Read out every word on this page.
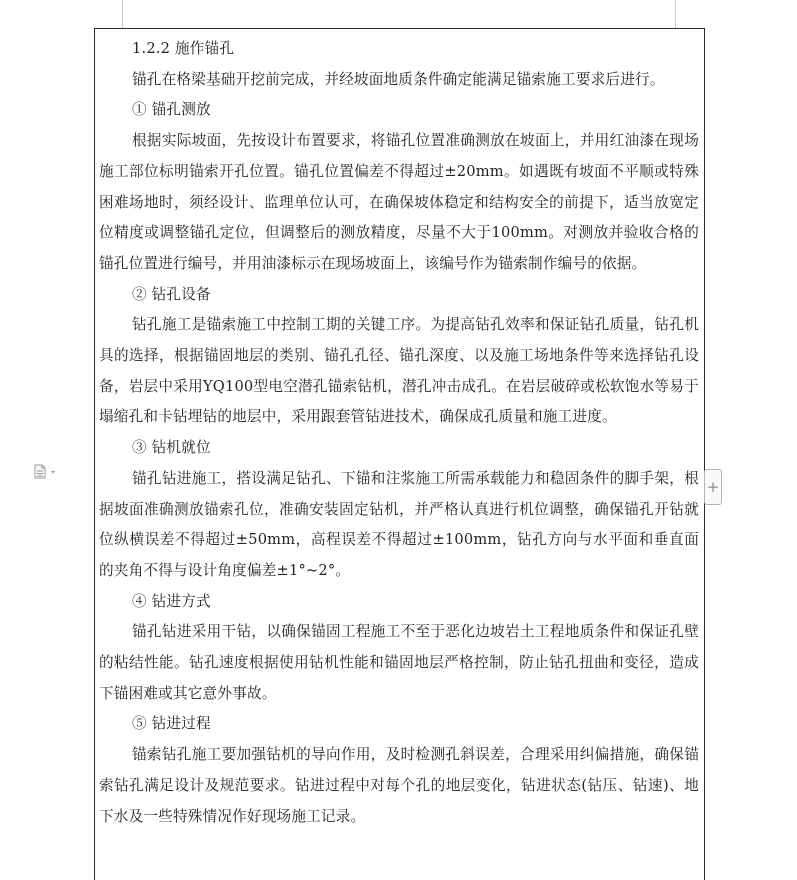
1.2.2 施作锚孔

锚孔在格梁基础开挖前完成，并经坡面地质条件确定能满足锚索施工要求后进行。

① 锚孔测放

根据实际坡面，先按设计布置要求，将锚孔位置准确测放在坡面上，并用红油漆在现场施工部位标明锚索开孔位置。锚孔位置偏差不得超过±20mm。如遇既有坡面不平顺或特殊困难场地时，须经设计、监理单位认可，在确保坡体稳定和结构安全的前提下，适当放宽定位精度或调整锚孔定位，但调整后的测放精度，尽量不大于100mm。对测放并验收合格的锚孔位置进行编号，并用油漆标示在现场坡面上，该编号作为锚索制作编号的依据。

② 钻孔设备

钻孔施工是锚索施工中控制工期的关键工序。为提高钻孔效率和保证钻孔质量，钻孔机具的选择，根据锚固地层的类别、锚孔孔径、锚孔深度、以及施工场地条件等来选择钻孔设备，岩层中采用YQ100型电空潜孔锚索钻机，潜孔冲击成孔。在岩层破碎或松软饱水等易于塌缩孔和卡钻埋钻的地层中，采用跟套管钻进技术，确保成孔质量和施工进度。

③ 钻机就位

锚孔钻进施工，搭设满足钻孔、下锚和注浆施工所需承载能力和稳固条件的脚手架，根据坡面准确测放锚索孔位，准确安装固定钻机，并严格认真进行机位调整，确保锚孔开钻就位纵横误差不得超过±50mm，高程误差不得超过±100mm，钻孔方向与水平面和垂直面的夹角不得与设计角度偏差±1°~2°。

④ 钻进方式

锚孔钻进采用干钻，以确保锚固工程施工不至于恶化边坡岩土工程地质条件和保证孔壁的粘结性能。钻孔速度根据使用钻机性能和锚固地层严格控制，防止钻孔扭曲和变径，造成下锚困难或其它意外事故。

⑤ 钻进过程

锚索钻孔施工要加强钻机的导向作用，及时检测孔斜误差，合理采用纠偏措施，确保锚索钻孔满足设计及规范要求。钻进过程中对每个孔的地层变化，钻进状态(钻压、钻速)、地下水及一些特殊情况作好现场施工记录。

+
